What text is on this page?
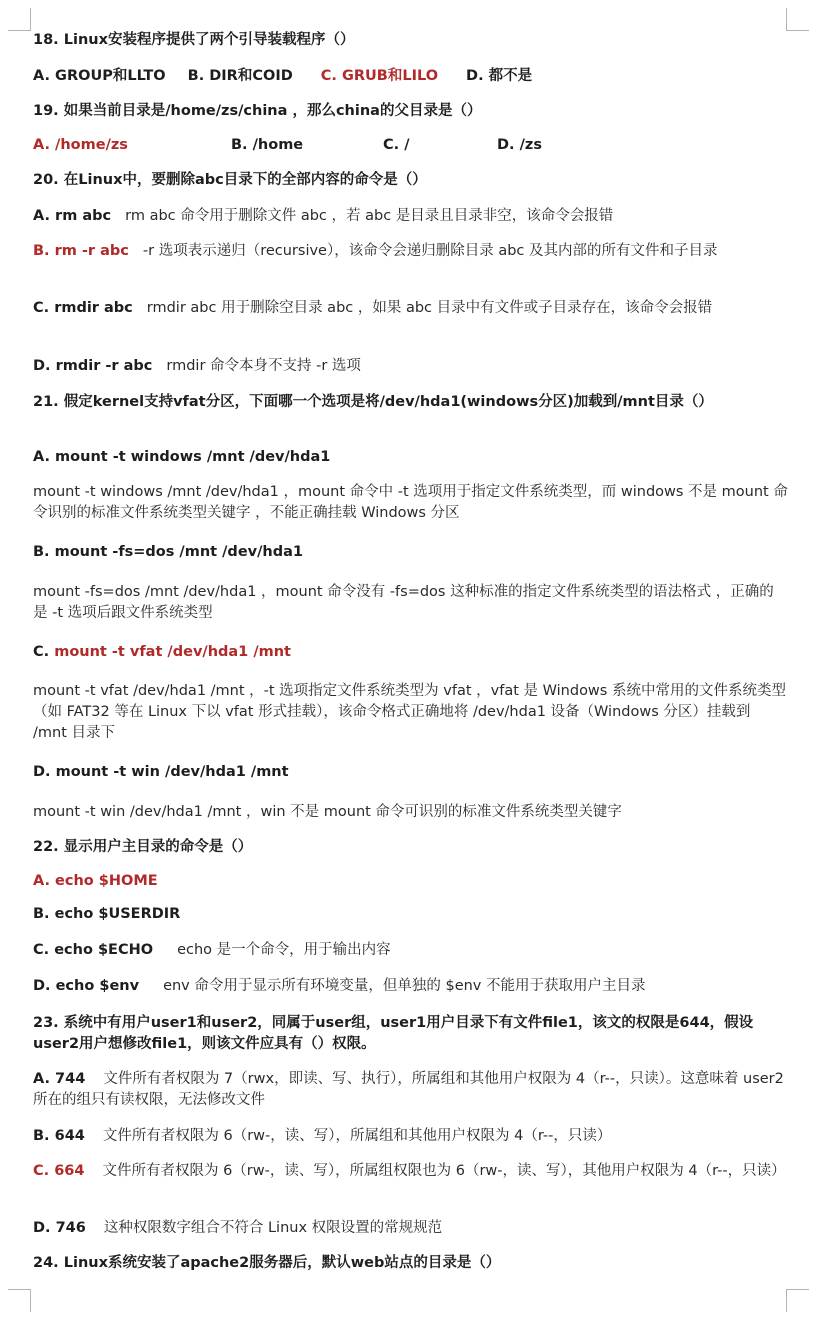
18. Linux安装程序提供了两个引导装载程序（）
A. GROUP和LLTO B. DIR和COID C. GRUB和LILO D. 都不是
19. 如果当前目录是/home/zs/china ，那么china的父目录是（）
A. /home/zs	B. /home	C. /	D. /zs
20. 在Linux中，要删除abc目录下的全部内容的命令是（）
A. rm abc rm abc 命令用于删除文件 abc ，若 abc 是目录且目录非空，该命令会报错
B. rm -r abc -r 选项表示递归（recursive），该命令会递归删除目录 abc 及其内部的所有文件和子目录
C. rmdir abc rmdir abc 用于删除空目录 abc ，如果 abc 目录中有文件或子目录存在，该命令会报错
D. rmdir -r abc rmdir 命令本身不支持 -r 选项
21. 假定kernel支持vfat分区，下面哪一个选项是将/dev/hda1(windows分区)加载到/mnt目录（）
A. mount -t windows /mnt /dev/hda1
mount -t windows /mnt /dev/hda1 ，mount 命令中 -t 选项用于指定文件系统类型，而 windows 不是 mount 命令识别的标准文件系统类型关键字 ，不能正确挂载 Windows 分区
B. mount -fs=dos /mnt /dev/hda1
mount -fs=dos /mnt /dev/hda1 ，mount 命令没有 -fs=dos 这种标准的指定文件系统类型的语法格式 ，正确的是 -t 选项后跟文件系统类型
C. mount -t vfat /dev/hda1 /mnt
mount -t vfat /dev/hda1 /mnt ，-t 选项指定文件系统类型为 vfat ，vfat 是 Windows 系统中常用的文件系统类型（如 FAT32 等在 Linux 下以 vfat 形式挂载），该命令格式正确地将 /dev/hda1 设备（Windows 分区）挂载到 /mnt 目录下
D. mount -t win /dev/hda1 /mnt
mount -t win /dev/hda1 /mnt ，win 不是 mount 命令可识别的标准文件系统类型关键字
22. 显示用户主目录的命令是（）
A. echo $HOME
B. echo $USERDIR
C. echo $ECHO echo 是一个命令，用于输出内容
D. echo $env env 命令用于显示所有环境变量，但单独的 $env 不能用于获取用户主目录
23. 系统中有用户user1和user2，同属于user组，user1用户目录下有文件file1，该文的权限是644，假设user2用户想修改file1，则该文件应具有（）权限。
A. 744 文件所有者权限为 7（rwx，即读、写、执行），所属组和其他用户权限为 4（r--，只读）。这意味着 user2 所在的组只有读权限，无法修改文件
B. 644 文件所有者权限为 6（rw-，读、写），所属组和其他用户权限为 4（r--，只读）
C. 664 文件所有者权限为 6（rw-，读、写），所属组权限也为 6（rw-，读、写），其他用户权限为 4（r--，只读）
D. 746 这种权限数字组合不符合 Linux 权限设置的常规规范
24. Linux系统安装了apache2服务器后，默认web站点的目录是（）
